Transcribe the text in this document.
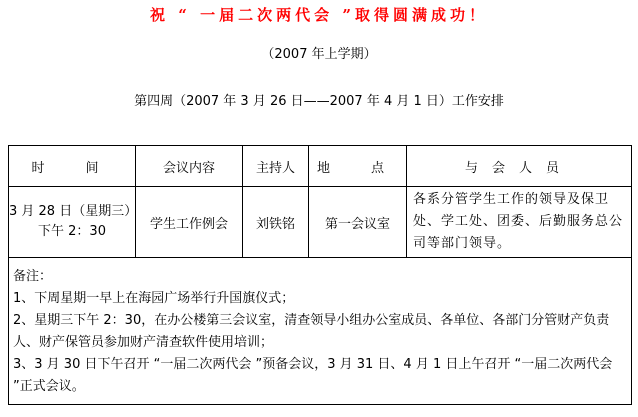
祝 “ 一届二次两代会 ”取得圆满成功！
（2007 年上学期）
第四周（2007 年 3 月 26 日——2007 年 4 月 1 日）工作安排
时　间	会议内容	主持人	地　点	与会人员

3 月 28 日（星期三）
下午 2：30	学生工作例会	刘铁铭	第一会议室	各系分管学生工作的领导及保卫处、学工处、团委、后勤服务总公司等部门领导。

备注：
1、下周星期一早上在海园广场举行升国旗仪式；
2、星期三下午 2：30，在办公楼第三会议室，清查领导小组办公室成员、各单位、各部门分管财产负责人、财产保管员参加财产清查软件使用培训；
3、3 月 30 日下午召开 “一届二次两代会 ”预备会议，3 月 31 日、4 月 1 日上午召开 “一届二次两代会 ”正式会议。				
